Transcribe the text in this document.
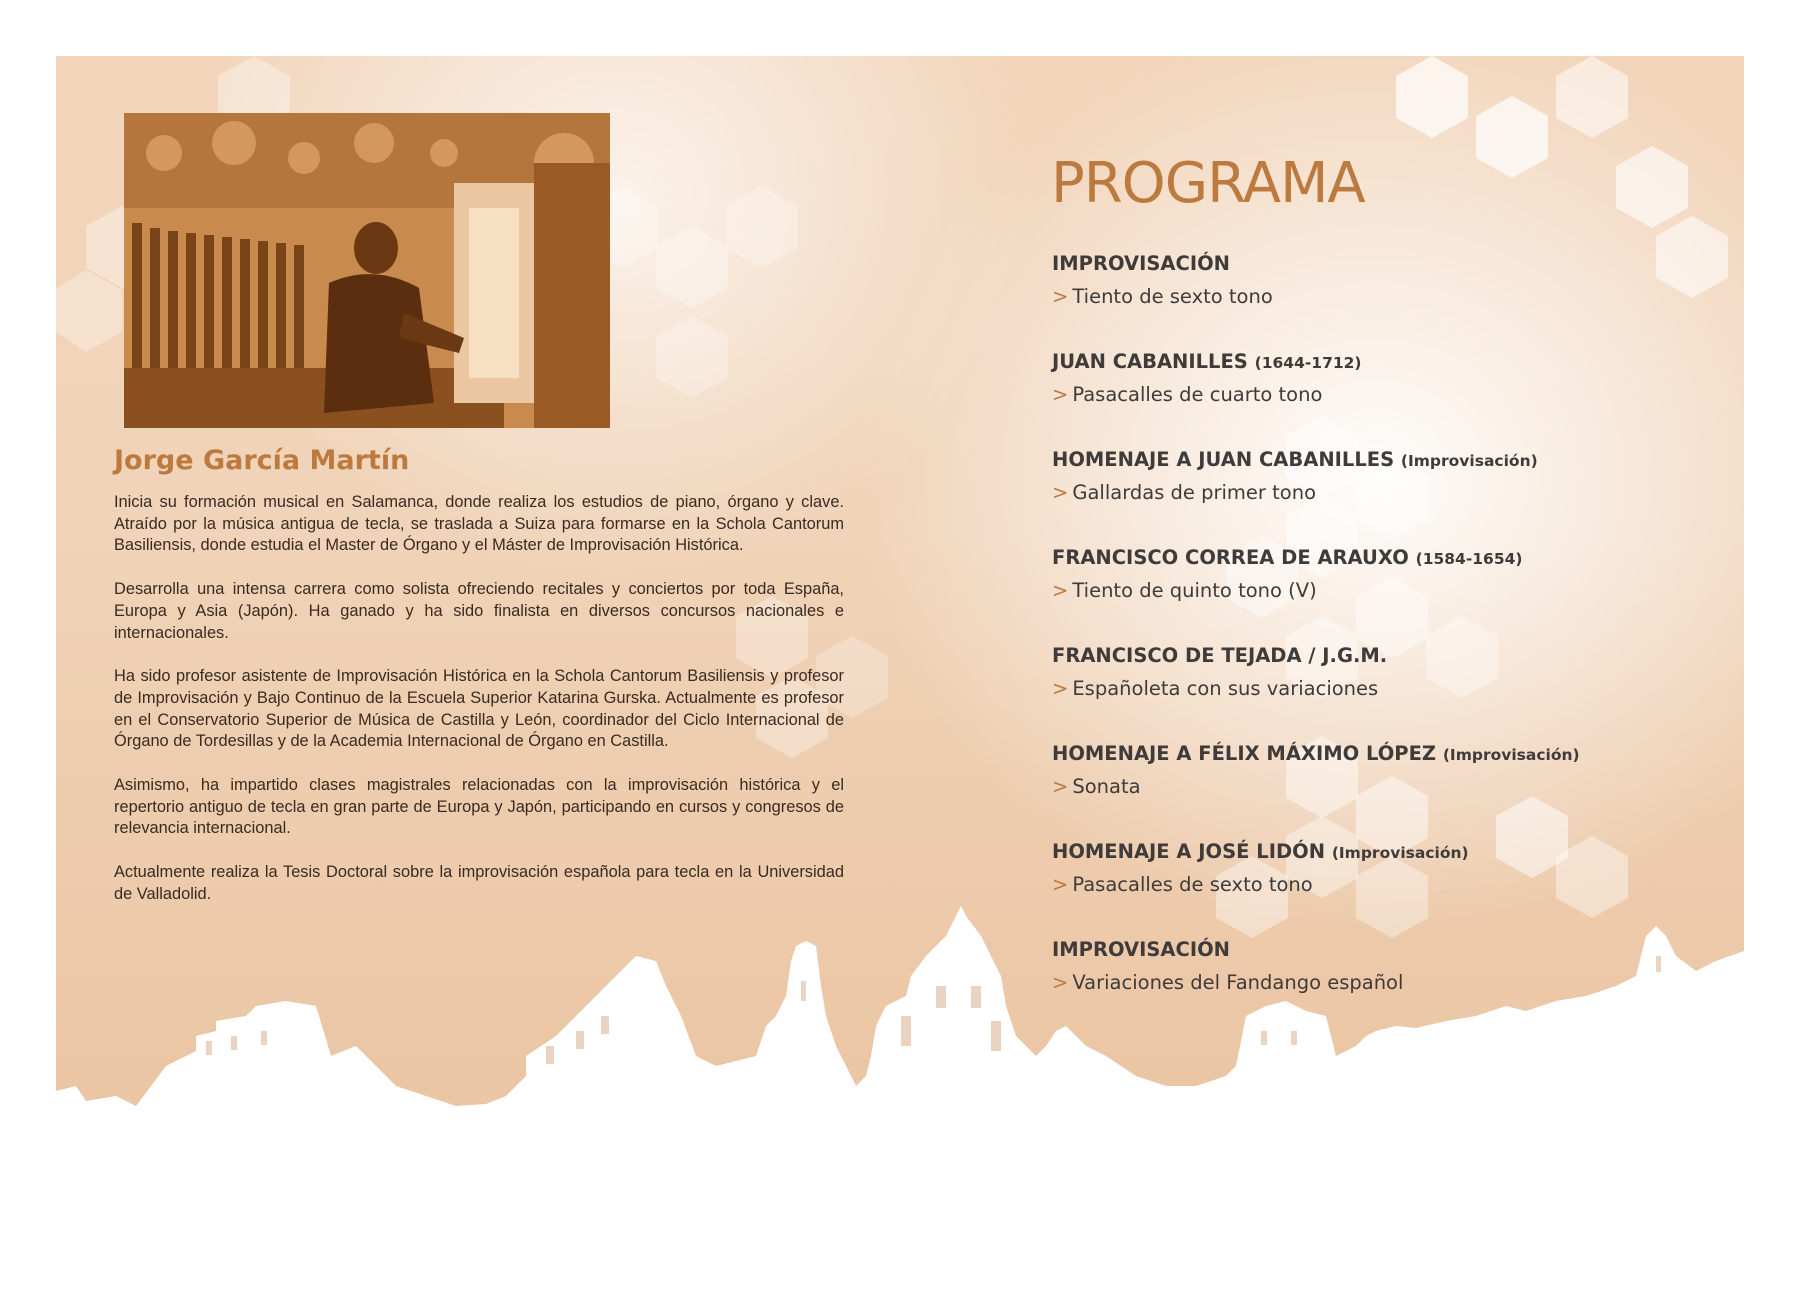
Jorge García Martín

Inicia su formación musical en Salamanca, donde realiza los estudios de piano, órgano y clave. Atraído por la música antigua de tecla, se traslada a Suiza para formarse en la Schola Cantorum Basiliensis, donde estudia el Master de Órgano y el Máster de Improvisación Histórica.

Desarrolla una intensa carrera como solista ofreciendo recitales y conciertos por toda España, Europa y Asia (Japón). Ha ganado y ha sido finalista en diversos concursos nacionales e internacionales.

Ha sido profesor asistente de Improvisación Histórica en la Schola Cantorum Basiliensis y profesor de Improvisación y Bajo Continuo de la Escuela Superior Katarina Gurska. Actualmente es profesor en el Conservatorio Superior de Música de Castilla y León, coordinador del Ciclo Internacional de Órgano de Tordesillas y de la Academia Internacional de Órgano en Castilla.

Asimismo, ha impartido clases magistrales relacionadas con la improvisación histórica y el repertorio antiguo de tecla en gran parte de Europa y Japón, participando en cursos y congresos de relevancia internacional.

Actualmente realiza la Tesis Doctoral sobre la improvisación española para tecla en la Universidad de Valladolid.

PROGRAMA
IMPROVISACIÓN
> Tiento de sexto tono
JUAN CABANILLES (1644-1712)
> Pasacalles de cuarto tono
HOMENAJE A JUAN CABANILLES (Improvisación)
> Gallardas de primer tono
FRANCISCO CORREA DE ARAUXO (1584-1654)
> Tiento de quinto tono (V)
FRANCISCO DE TEJADA / J.G.M.
> Españoleta con sus variaciones
HOMENAJE A FÉLIX MÁXIMO LÓPEZ (Improvisación)
> Sonata
HOMENAJE A JOSÉ LIDÓN (Improvisación)
> Pasacalles de sexto tono
IMPROVISACIÓN
> Variaciones del Fandango español
